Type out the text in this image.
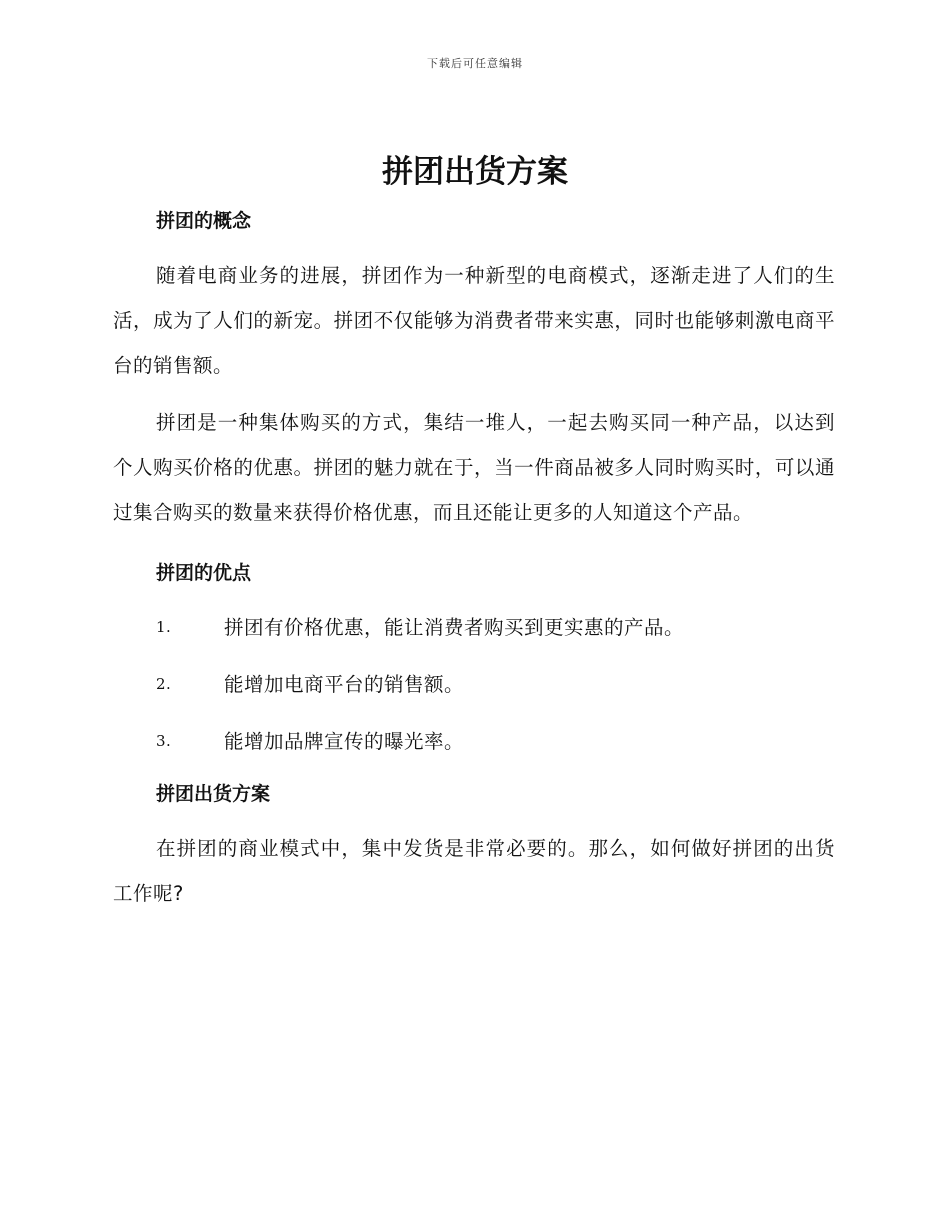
下载后可任意编辑
拼团出货方案
拼团的概念

随着电商业务的进展，拼团作为一种新型的电商模式，逐渐走进了人们的生活，成为了人们的新宠。拼团不仅能够为消费者带来实惠，同时也能够刺激电商平台的销售额。

拼团是一种集体购买的方式，集结一堆人，一起去购买同一种产品，以达到个人购买价格的优惠。拼团的魅力就在于，当一件商品被多人同时购买时，可以通过集合购买的数量来获得价格优惠，而且还能让更多的人知道这个产品。

拼团的优点
1.	拼团有价格优惠，能让消费者购买到更实惠的产品。
2.	能增加电商平台的销售额。
3.	能增加品牌宣传的曝光率。
拼团出货方案

在拼团的商业模式中，集中发货是非常必要的。那么，如何做好拼团的出货工作呢?
